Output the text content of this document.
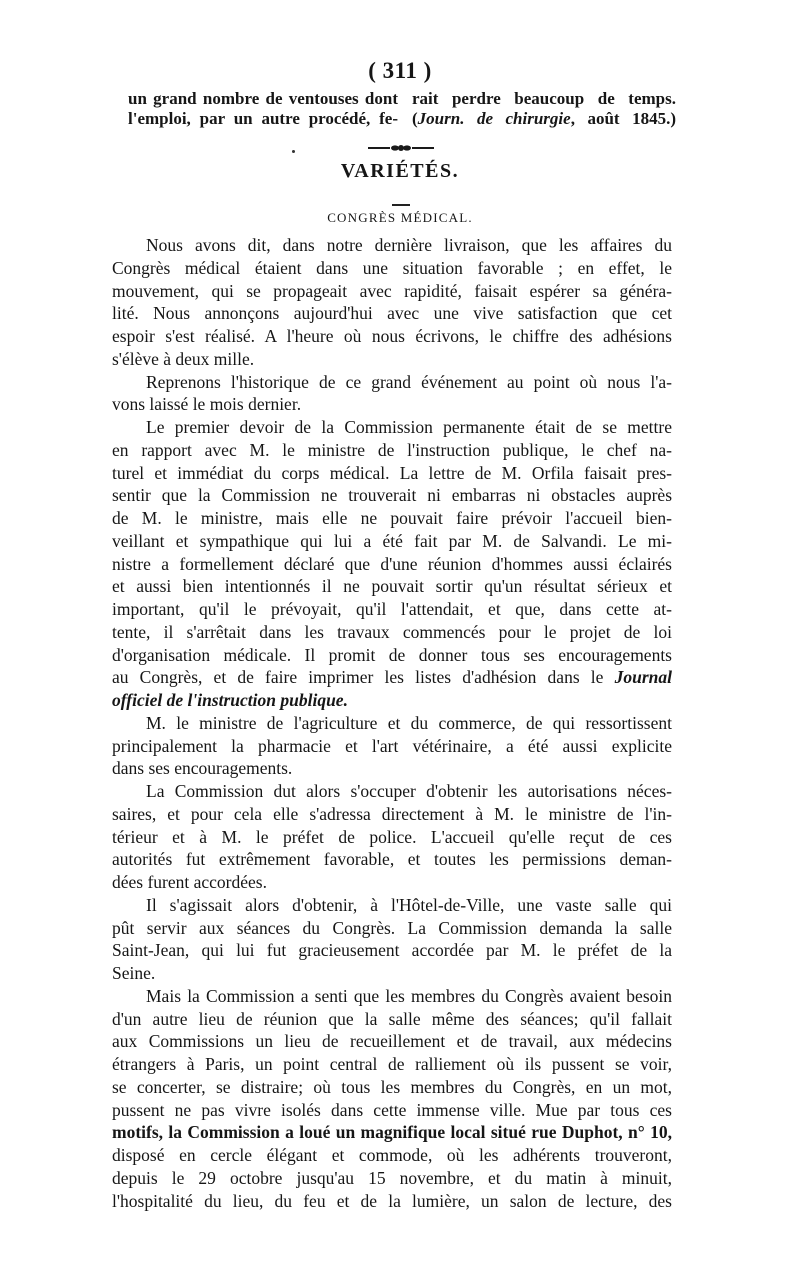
( 311 )
un grand nombre de ventouses dont
l'emploi, par un autre procédé, fe-
rait perdre beaucoup de temps.
(Journ. de chirurgie, août 1845.)
VARIÉTÉS.
CONGRÈS MÉDICAL.
Nous avons dit, dans notre dernière livraison, que les affaires du
Congrès médical étaient dans une situation favorable ; en effet, le
mouvement, qui se propageait avec rapidité, faisait espérer sa généra-
lité. Nous annonçons aujourd'hui avec une vive satisfaction que cet
espoir s'est réalisé. A l'heure où nous écrivons, le chiffre des adhésions
s'élève à deux mille.
Reprenons l'historique de ce grand événement au point où nous l'a-
vons laissé le mois dernier.
Le premier devoir de la Commission permanente était de se mettre
en rapport avec M. le ministre de l'instruction publique, le chef na-
turel et immédiat du corps médical. La lettre de M. Orfila faisait pres-
sentir que la Commission ne trouverait ni embarras ni obstacles auprès
de M. le ministre, mais elle ne pouvait faire prévoir l'accueil bien-
veillant et sympathique qui lui a été fait par M. de Salvandi. Le mi-
nistre a formellement déclaré que d'une réunion d'hommes aussi éclairés
et aussi bien intentionnés il ne pouvait sortir qu'un résultat sérieux et
important, qu'il le prévoyait, qu'il l'attendait, et que, dans cette at-
tente, il s'arrêtait dans les travaux commencés pour le projet de loi
d'organisation médicale. Il promit de donner tous ses encouragements
au Congrès, et de faire imprimer les listes d'adhésion dans le Journal
officiel de l'instruction publique.
M. le ministre de l'agriculture et du commerce, de qui ressortissent
principalement la pharmacie et l'art vétérinaire, a été aussi explicite
dans ses encouragements.
La Commission dut alors s'occuper d'obtenir les autorisations néces-
saires, et pour cela elle s'adressa directement à M. le ministre de l'in-
térieur et à M. le préfet de police. L'accueil qu'elle reçut de ces
autorités fut extrêmement favorable, et toutes les permissions deman-
dées furent accordées.
Il s'agissait alors d'obtenir, à l'Hôtel-de-Ville, une vaste salle qui
pût servir aux séances du Congrès. La Commission demanda la salle
Saint-Jean, qui lui fut gracieusement accordée par M. le préfet de la
Seine.
Mais la Commission a senti que les membres du Congrès avaient besoin
d'un autre lieu de réunion que la salle même des séances; qu'il fallait
aux Commissions un lieu de recueillement et de travail, aux médecins
étrangers à Paris, un point central de ralliement où ils pussent se voir,
se concerter, se distraire; où tous les membres du Congrès, en un mot,
pussent ne pas vivre isolés dans cette immense ville. Mue par tous ces
motifs, la Commission a loué un magnifique local situé rue Duphot, n° 10,
disposé en cercle élégant et commode, où les adhérents trouveront,
depuis le 29 octobre jusqu'au 15 novembre, et du matin à minuit,
l'hospitalité du lieu, du feu et de la lumière, un salon de lecture, des
